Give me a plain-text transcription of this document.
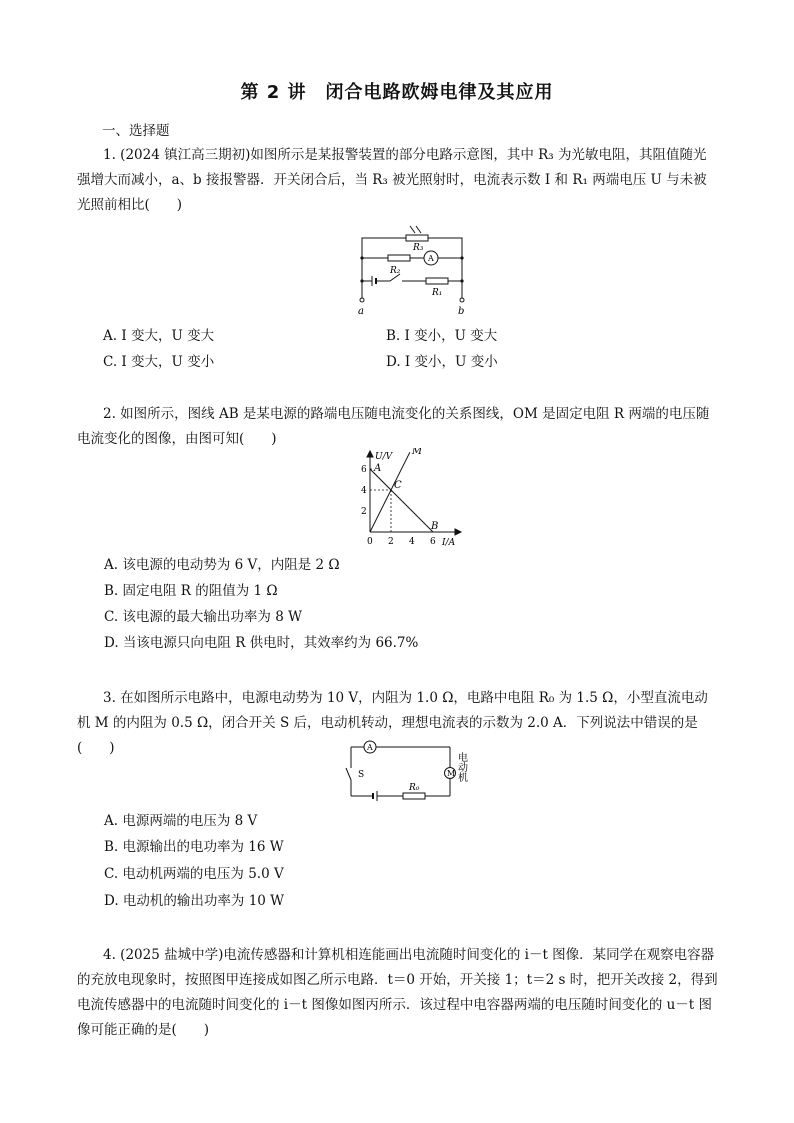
第 2 讲　闭合电路欧姆电律及其应用
一、选择题
1. (2024 镇江高三期初)如图所示是某报警装置的部分电路示意图，其中 R₃ 为光敏电阻，其阻值随光强增大而减小，a、b 接报警器．开关闭合后，当 R₃ 被光照射时，电流表示数 I 和 R₁ 两端电压 U 与未被光照前相比(　　)
R₃
A
R₂
R₁
a	b
A. I 变大，U 变大	B. I 变小，U 变大
C. I 变大，U 变小	D. I 变小，U 变小
2. 如图所示，图线 AB 是某电源的路端电压随电流变化的关系图线，OM 是固定电阻 R 两端的电压随电流变化的图像，由图可知(　　)
0 2 4 6
2
4
6 A
B
C
M
U/V
I/A
A. 该电源的电动势为 6 V，内阻是 2 Ω
B. 固定电阻 R 的阻值为 1 Ω
C. 该电源的最大输出功率为 8 W
D. 当该电源只向电阻 R 供电时，其效率约为 66.7%
3. 在如图所示电路中，电源电动势为 10 V，内阻为 1.0 Ω，电路中电阻 R₀ 为 1.5 Ω，小型直流电动机 M 的内阻为 0.5 Ω，闭合开关 S 后，电动机转动，理想电流表的示数为 2.0 A．下列说法中错误的是(　　)	A
M
S
R₀
电动机
A. 电源两端的电压为 8 V
B. 电源输出的电功率为 16 W
C. 电动机两端的电压为 5.0 V
D. 电动机的输出功率为 10 W
4. (2025 盐城中学)电流传感器和计算机相连能画出电流随时间变化的 i－t 图像．某同学在观察电容器的充放电现象时，按照图甲连接成如图乙所示电路．t＝0 开始，开关接 1；t＝2 s 时，把开关改接 2，得到电流传感器中的电流随时间变化的 i－t 图像如图丙所示．该过程中电容器两端的电压随时间变化的 u－t 图像可能正确的是(　　)
